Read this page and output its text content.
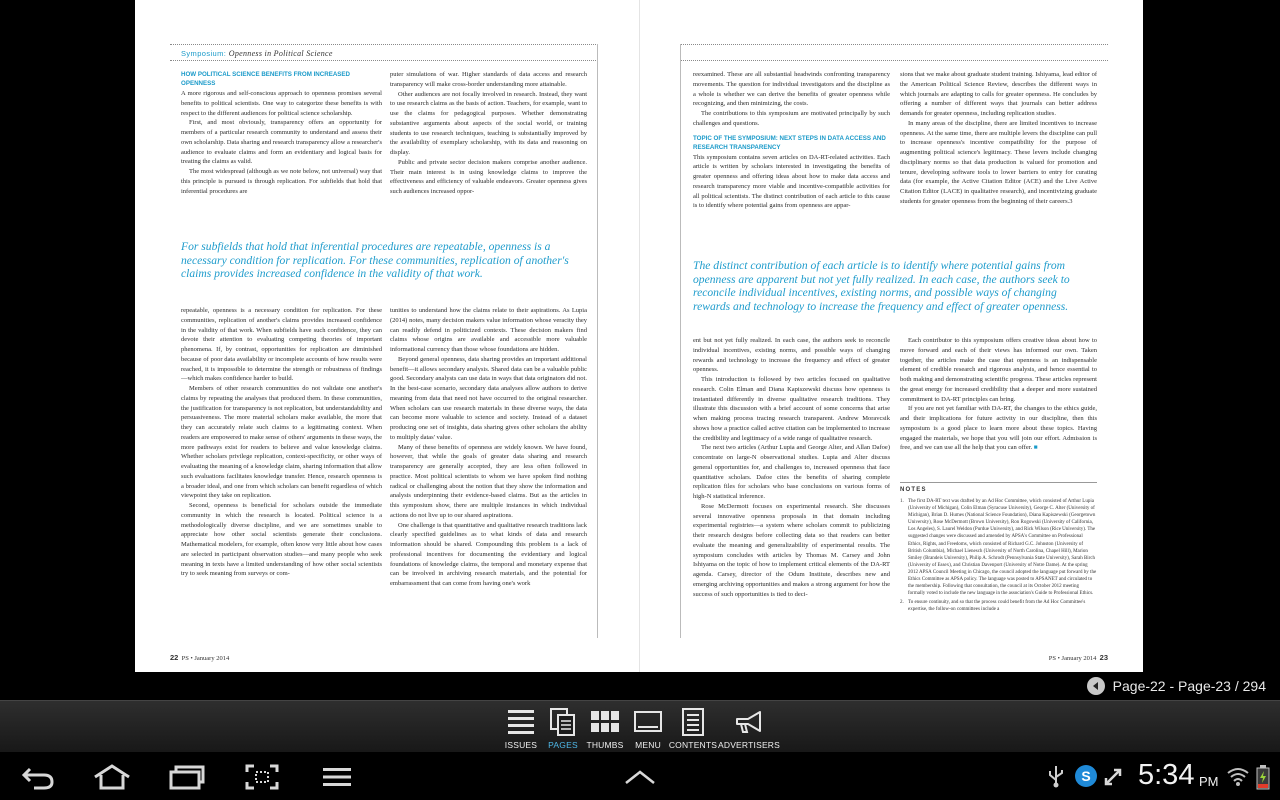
Symposium: Openness in Political Science
HOW POLITICAL SCIENCE BENEFITS FROM INCREASED OPENNESS

A more rigorous and self-conscious approach to openness promises several benefits to political scientists. One way to categorize these benefits is with respect to the different audiences for political science scholarship.

First, and most obviously, transparency offers an opportunity for members of a particular research community to understand and assess their own scholarship. Data sharing and research transparency allow a researcher's audience to evaluate claims and form an evidentiary and logical basis for treating the claims as valid.

The most widespread (although as we note below, not universal) way that this principle is pursued is through replication. For subfields that hold that inferential procedures are

puter simulations of war. Higher standards of data access and research transparency will make cross-border understanding more attainable.

Other audiences are not focally involved in research. Instead, they want to use research claims as the basis of action. Teachers, for example, want to use the claims for pedagogical purposes. Whether demonstrating substantive arguments about aspects of the social world, or training students to use research techniques, teaching is substantially improved by the availability of exemplary scholarship, with its data and reasoning on display.

Public and private sector decision makers comprise another audience. Their main interest is in using knowledge claims to improve the effectiveness and efficiency of valuable endeavors. Greater openness gives such audiences increased oppor-

For subfields that hold that inferential procedures are repeatable, openness is a necessary condition for replication. For these communities, replication of another's claims provides increased confidence in the validity of that work.

repeatable, openness is a necessary condition for replication. For these communities, replication of another's claims provides increased confidence in the validity of that work. When subfields have such confidence, they can devote their attention to evaluating competing theories of important phenomena. If, by contrast, opportunities for replication are diminished because of poor data availability or incomplete accounts of how results were reached, it is impossible to determine the strength or robustness of findings—which makes confidence harder to build.

Members of other research communities do not validate one another's claims by repeating the analyses that produced them. In these communities, the justification for transparency is not replication, but understandability and persuasiveness. The more material scholars make available, the more that they can accurately relate such claims to a legitimating context. When readers are empowered to make sense of others' arguments in these ways, the more pathways exist for readers to believe and value knowledge claims. Whether scholars privilege replication, context-specificity, or other ways of evaluating the meaning of a knowledge claim, sharing information that allow such evaluations facilitates knowledge transfer. Hence, research openness is a broader ideal, and one from which scholars can benefit regardless of which viewpoint they take on replication.

Second, openness is beneficial for scholars outside the immediate community in which the research is located. Political science is a methodologically diverse discipline, and we are sometimes unable to appreciate how other social scientists generate their conclusions. Mathematical modelers, for example, often know very little about how cases are selected in participant observation studies—and many people who seek meaning in texts have a limited understanding of how other social scientists try to seek meaning from surveys or com-

tunities to understand how the claims relate to their aspirations. As Lupia (2014) notes, many decision makers value information whose veracity they can readily defend in politicized contexts. These decision makers find claims whose origins are available and accessible more valuable informational currency than those whose foundations are hidden.

Beyond general openness, data sharing provides an important additional benefit—it allows secondary analysis. Shared data can be a valuable public good. Secondary analysts can use data in ways that data originators did not. In the best-case scenario, secondary data analyses allow authors to derive meaning from data that need not have occurred to the original researcher. When scholars can use research materials in these diverse ways, the data can become more valuable to science and society. Instead of a dataset producing one set of insights, data sharing gives other scholars the ability to multiply datas' value.

Many of these benefits of openness are widely known. We have found, however, that while the goals of greater data sharing and research transparency are generally accepted, they are less often followed in practice. Most political scientists to whom we have spoken find nothing radical or challenging about the notion that they show the information and analysis underpinning their evidence-based claims. But as the articles in this symposium show, there are multiple instances in which individual actions do not live up to our shared aspirations.

One challenge is that quantitative and qualitative research traditions lack clearly specified guidelines as to what kinds of data and research information should be shared. Compounding this problem is a lack of professional incentives for documenting the evidentiary and logical foundations of knowledge claims, the temporal and monetary expense that can be involved in archiving research materials, and the potential for embarrassment that can come from having one's work

22 PS • January 2014

reexamined. These are all substantial headwinds confronting transparency movements. The question for individual investigators and the discipline as a whole is whether we can derive the benefits of greater openness while recognizing, and then minimizing, the costs.

The contributions to this symposium are motivated principally by such challenges and questions.

TOPIC OF THE SYMPOSIUM: NEXT STEPS IN DATA ACCESS AND RESEARCH TRANSPARENCY

This symposium contains seven articles on DA-RT-related activities. Each article is written by scholars interested in investigating the benefits of greater openness and offering ideas about how to make data access and research transparency more viable and incentive-compatible activities for all political scientists. The distinct contribution of each article to this cause is to identify where potential gains from openness are appar-

sions that we make about graduate student training. Ishiyama, lead editor of the American Political Science Review, describes the different ways in which journals are adapting to calls for greater openness. He concludes by offering a number of different ways that journals can better address demands for greater openness, including replication studies.

In many areas of the discipline, there are limited incentives to increase openness. At the same time, there are multiple levers the discipline can pull to increase openness's incentive compatibility for the purpose of augmenting political science's legitimacy. These levers include changing disciplinary norms so that data production is valued for promotion and tenure, developing software tools to lower barriers to entry for curating data (for example, the Active Citation Editor (ACE) and the Live Active Citation Editor (LACE) in qualitative research), and incentivizing graduate students for greater openness from the beginning of their careers.3

The distinct contribution of each article is to identify where potential gains from openness are apparent but not yet fully realized. In each case, the authors seek to reconcile individual incentives, existing norms, and possible ways of changing rewards and technology to increase the frequency and effect of greater openness.

ent but not yet fully realized. In each case, the authors seek to reconcile individual incentives, existing norms, and possible ways of changing rewards and technology to increase the frequency and effect of greater openness.

This introduction is followed by two articles focused on qualitative research. Colin Elman and Diana Kapiszewski discuss how openness is instantiated differently in diverse qualitative research traditions. They illustrate this discussion with a brief account of some concerns that arise when making process tracing research transparent. Andrew Moravcsik shows how a practice called active citation can be implemented to increase the credibility and legitimacy of a wide range of qualitative research.

The next two articles (Arthur Lupia and George Alter, and Allan Dafoe) concentrate on large-N observational studies. Lupia and Alter discuss general opportunities for, and challenges to, increased openness that face quantitative scholars. Dafoe cites the benefits of sharing complete replication files for scholars who base conclusions on various forms of high-N statistical inference.

Rose McDermott focuses on experimental research. She discusses several innovative openness proposals in that domain including experimental registries—a system where scholars commit to publicizing their research designs before collecting data so that readers can better evaluate the meaning and generalizability of experimental results. The symposium concludes with articles by Thomas M. Carsey and John Ishiyama on the topic of how to implement critical elements of the DA-RT agenda. Carsey, director of the Odum Institute, describes new and emerging archiving opportunities and makes a strong argument for how the success of such opportunities is tied to deci-

Each contributor to this symposium offers creative ideas about how to move forward and each of their views has informed our own. Taken together, the articles make the case that openness is an indispensable element of credible research and rigorous analysis, and hence essential to both making and demonstrating scientific progress. These articles represent the great energy for increased credibility that a deeper and more sustained commitment to DA-RT principles can bring.

If you are not yet familiar with DA-RT, the changes to the ethics guide, and their implications for future activity in our discipline, then this symposium is a good place to learn more about these topics. Having engaged the materials, we hope that you will join our effort. Admission is free, and we can use all the help that you can offer. ■

NOTES
1. The first DA-RT text was drafted by an Ad Hoc Committee, which consisted of Arthur Lupia (University of Michigan), Colin Elman (Syracuse University), George C. Alter (University of Michigan), Brian D. Humes (National Science Foundation), Diana Kapiszewski (Georgetown University), Rose McDermott (Brown University), Ron Rogowski (University of California, Los Angeles), S. Laurel Weldon (Purdue University), and Rick Wilson (Rice University). The suggested changes were discussed and amended by APSA's Committee on Professional Ethics, Rights, and Freedoms, which consisted of Richard G.C. Johnston (University of British Columbia), Michael Lienesch (University of North Carolina, Chapel Hill), Marion Smiley (Brandeis University), Philip A. Schrodt (Pennsylvania State University), Sarah Birch (University of Essex), and Christian Davenport (University of Notre Dame). At the spring 2012 APSA Council Meeting in Chicago, the council adopted the language put forward by the Ethics Committee as APSA policy. The language was posted to APSANET and circulated to the membership. Following that consultation, the council at its October 2012 meeting formally voted to include the new language in the association's Guide to Professional Ethics.
2. To ensure continuity, and so that the process could benefit from the Ad Hoc Committee's expertise, the follow-on committees include a
PS • January 2014 23
Page-22 - Page-23 / 294
ISSUES PAGES THUMBS MENU CONTENTS ADVERTISERS
S 5:34 PM
